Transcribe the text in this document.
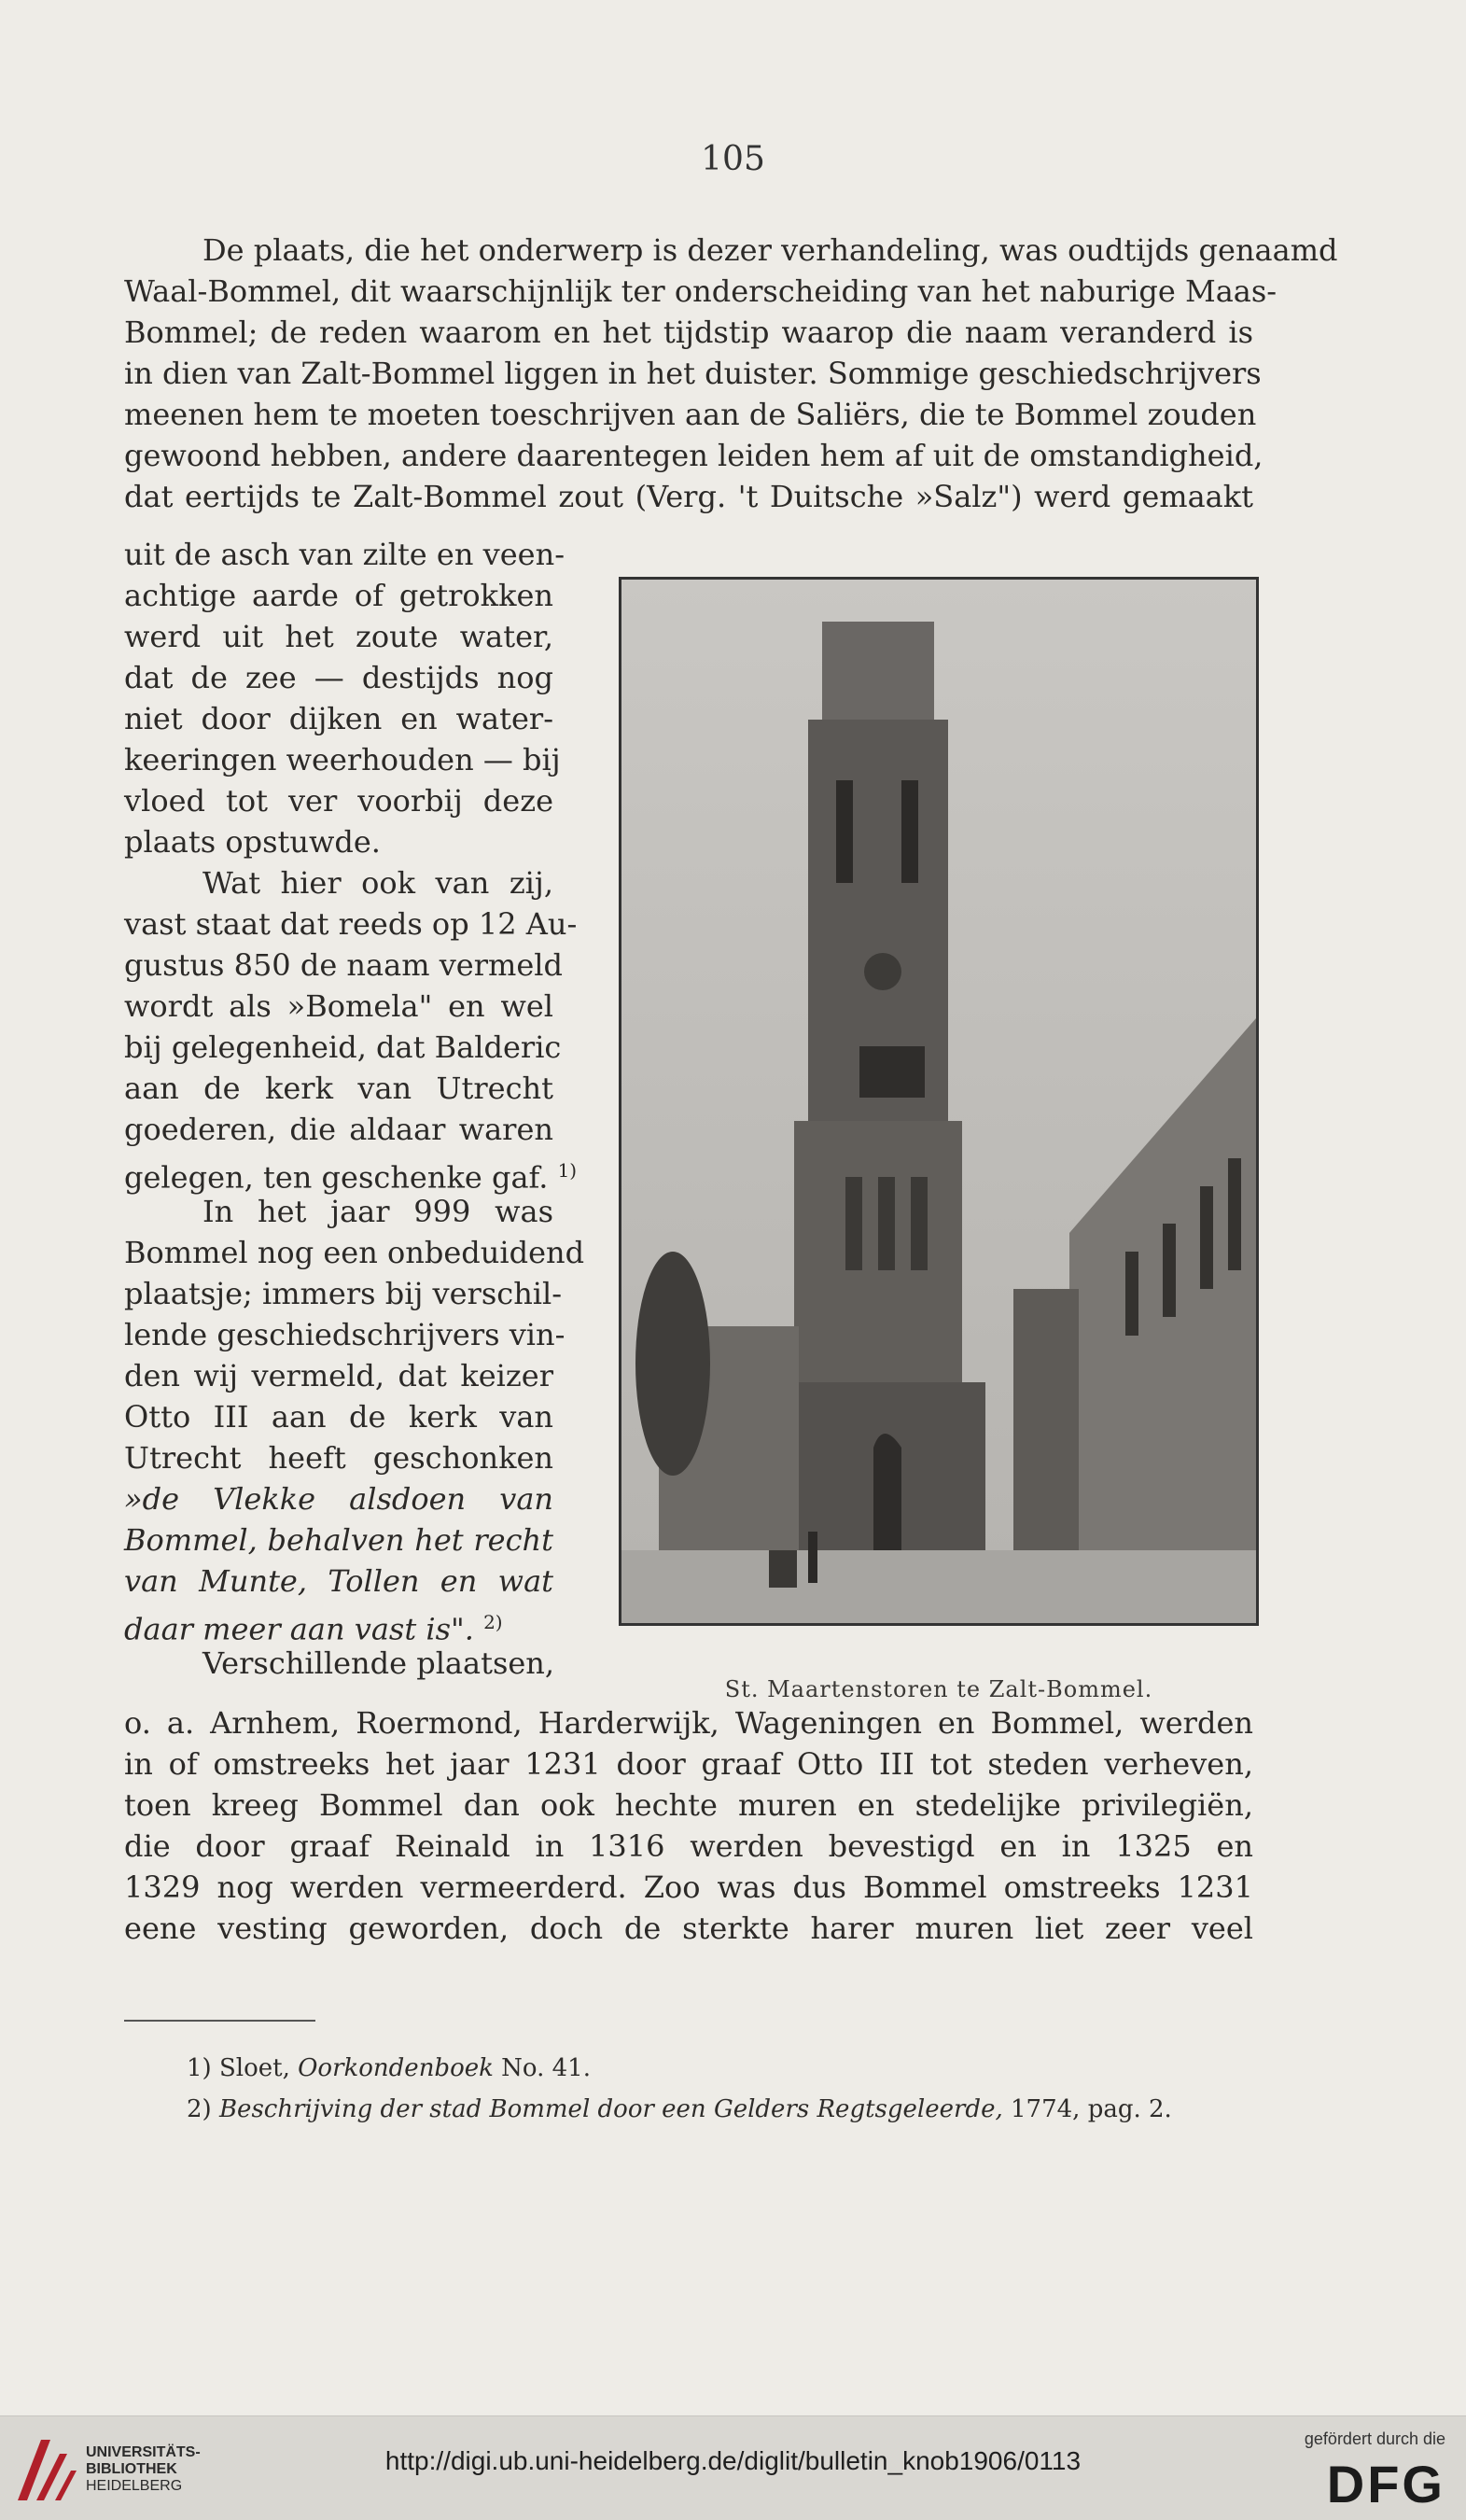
105
De plaats, die het onderwerp is dezer verhandeling, was oudtijds genaamd
Waal-Bommel, dit waarschijnlijk ter onderscheiding van het naburige Maas-
Bommel; de reden waarom en het tijdstip waarop die naam veranderd is
in dien van Zalt-Bommel liggen in het duister. Sommige geschiedschrijvers
meenen hem te moeten toeschrijven aan de Saliërs, die te Bommel zouden
gewoond hebben, andere daarentegen leiden hem af uit de omstandigheid,
dat eertijds te Zalt-Bommel zout (Verg. 't Duitsche »Salz") werd gemaakt
uit de asch van zilte en veen-
achtige aarde of getrokken
werd uit het zoute water,
dat de zee — destijds nog
niet door dijken en water-
keeringen weerhouden — bij
vloed tot ver voorbij deze
plaats opstuwde.
Wat hier ook van zij,
vast staat dat reeds op 12 Au-
gustus 850 de naam vermeld
wordt als »Bomela" en wel
bij gelegenheid, dat Balderic
aan de kerk van Utrecht
goederen, die aldaar waren
gelegen, ten geschenke gaf. $^{1)}$
In het jaar 999 was
Bommel nog een onbeduidend
plaatsje; immers bij verschil-
lende geschiedschrijvers vin-
den wij vermeld, dat keizer
Otto III aan de kerk van
Utrecht heeft geschonken
»de Vlekke alsdoen van
Bommel, behalven het recht
van Munte, Tollen en wat
daar meer aan vast is". $^{2)}$
Verschillende plaatsen,
St. Maartenstoren te Zalt-Bommel.
o. a. Arnhem, Roermond, Harderwijk, Wageningen en Bommel, werden
in of omstreeks het jaar 1231 door graaf Otto III tot steden verheven,
toen kreeg Bommel dan ook hechte muren en stedelijke privilegiën,
die door graaf Reinald in 1316 werden bevestigd en in 1325 en
1329 nog werden vermeerderd. Zoo was dus Bommel omstreeks 1231
eene vesting geworden, doch de sterkte harer muren liet zeer veel
1) Sloet, Oorkondenboek No. 41.
2) Beschrijving der stad Bommel door een Gelders Regtsgeleerde, 1774, pag. 2.
UNIVERSITÄTS-
BIBLIOTHEK
HEIDELBERG
http://digi.ub.uni-heidelberg.de/diglit/bulletin_knob1906/0113
gefördert durch die
DFG
